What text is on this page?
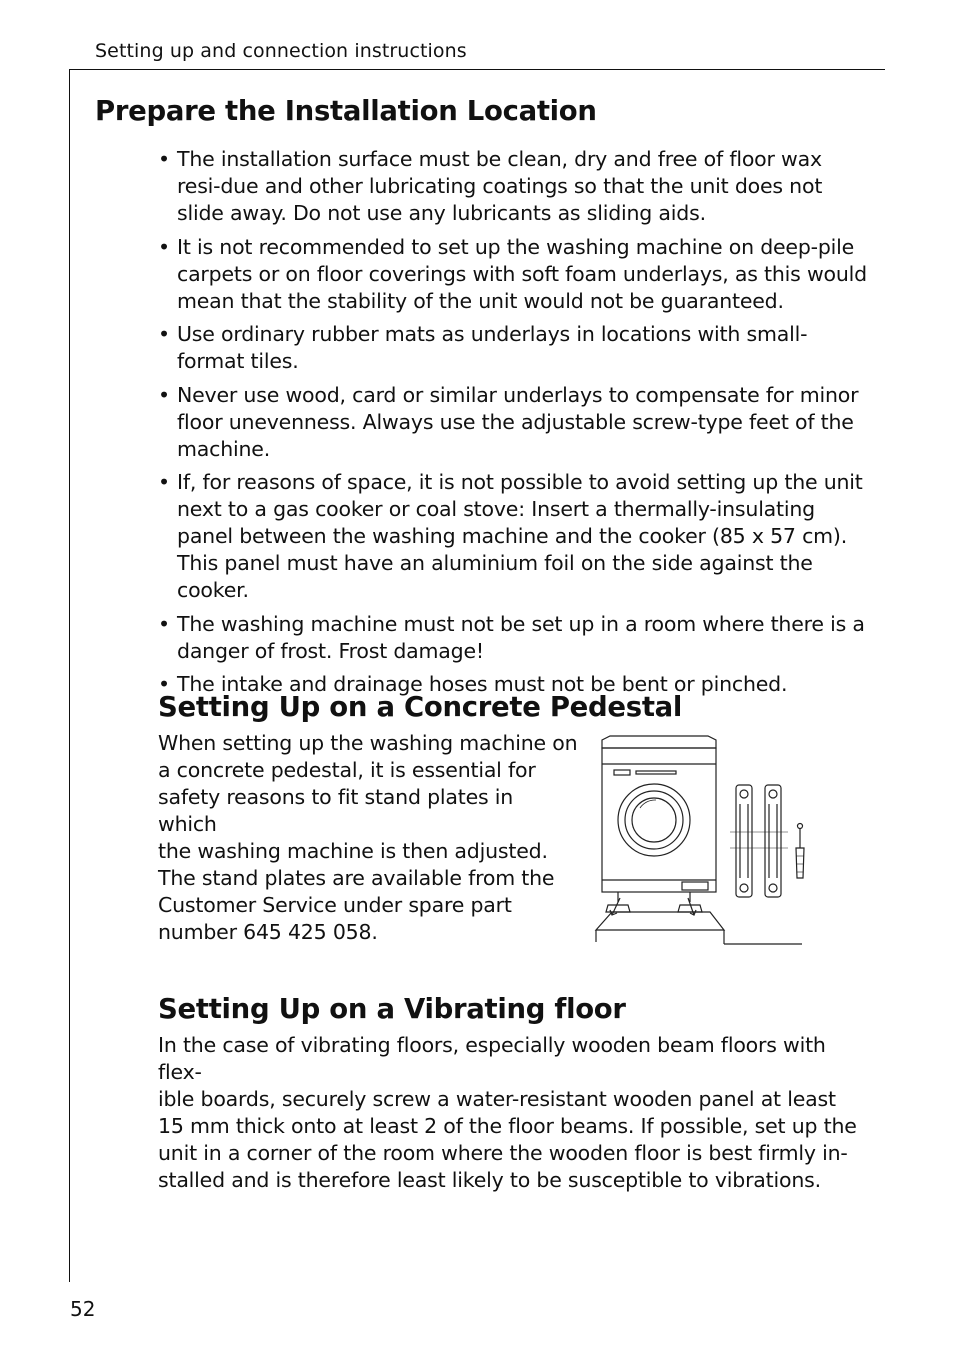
Setting up and connection instructions
Prepare the Installation Location
• The installation surface must be clean, dry and free of floor wax resi-due and other lubricating coatings so that the unit does not slide away. Do not use any lubricants as sliding aids.
• It is not recommended to set up the washing machine on deep-pile carpets or on floor coverings with soft foam underlays, as this would mean that the stability of the unit would not be guaranteed.
• Use ordinary rubber mats as underlays in locations with small-format tiles.
• Never use wood, card or similar underlays to compensate for minor floor unevenness. Always use the adjustable screw-type feet of the machine.
• If, for reasons of space, it is not possible to avoid setting up the unit next to a gas cooker or coal stove: Insert a thermally-insulating panel between the washing machine and the cooker (85 x 57 cm). This panel must have an aluminium foil on the side against the cooker.
• The washing machine must not be set up in a room where there is a danger of frost. Frost damage!
• The intake and drainage hoses must not be bent or pinched.
Setting Up on a Concrete Pedestal

When setting up the washing machine on
a concrete pedestal, it is essential for
safety reasons to fit stand plates in which
the washing machine is then adjusted.
The stand plates are available from the
Customer Service under spare part
number 645 425 058.

Setting Up on a Vibrating floor

In the case of vibrating floors, especially wooden beam floors with flex-
ible boards, securely screw a water-resistant wooden panel at least
15 mm thick onto at least 2 of the floor beams. If possible, set up the
unit in a corner of the room where the wooden floor is best firmly in-
stalled and is therefore least likely to be susceptible to vibrations.

52
